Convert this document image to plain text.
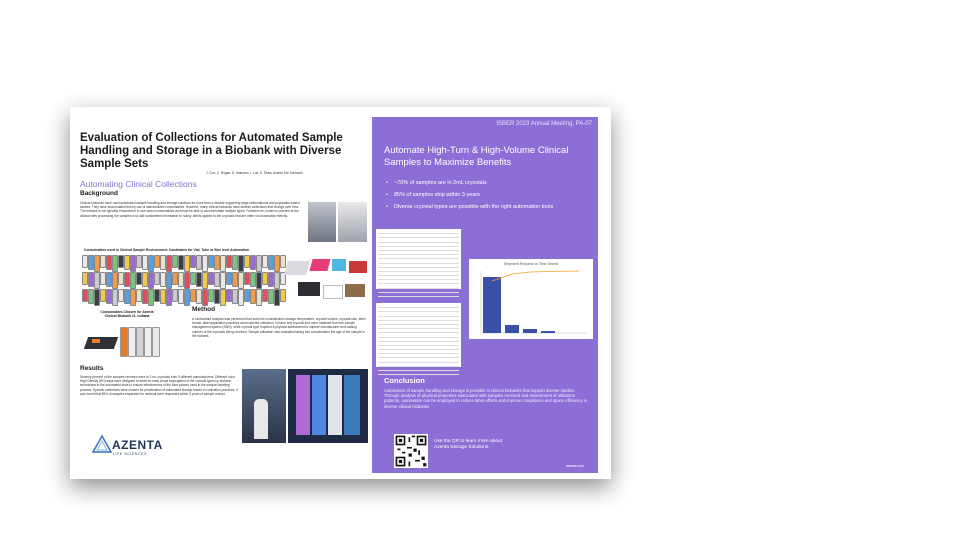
Evaluation of Collections for Automated Sample Handling and Storage in a Biobank with Diverse Sample Sets
J. Cox, C. Rogan, D. Mamano, I. Luo, K. Shea, Azenta Life Sciences
Automating Clinical Collections
Background
Clinical biobanks have used automated sample handling and storage solutions for more than a decade supporting large observational and population-based studies. They have accumulated this by use of standardized consumables. However, many clinical biobanks have diverse collections that change over time. The biobank is not typically empowered to use select consumables and must be able to accommodate multiple types. Furthermore, common practice at the clinical sites processing the samples is to add handwritten information to 'sticky' labels applied to the cryovials that are often not automation friendly.
Consumables used in Clinical Sample Environment: Candidates for Vial, Tube or Box level Automation
Consumables Chosen for Azenta Clinical Biobank #1, Indiana
Method
A multivariant analysis was performed that took into consideration storage temperature, cryovial volume, cryovial size, label format, label application practices and expected utilization. Volume and cryovial size were obtained from the sample management system (SMS), while cryovial type required a physical assessment to capture manufacturer and catalog number of the cryovials being received. Sample utilization was evaluated taking into consideration the age of the sample in the biobank.
Results
Seventy percent of the samples received were in 2 mL cryovials from 5 different manufacturers. Different color High Density (HD) trays were designed to allow for easy visual segregation of the cryovial types by biobank technicians in the automated store to ensure effectiveness of the tube pickers used in the sample handling process. Specific collections were chosen for prioritization of automated storage based on utilization practices. It was found that 85% of samples requested for retrieval were requested within 3 years of sample receipt.
AZENTA
LIFE SCIENCES
ISBER 2023 Annual Meeting, PA-07
Automate High-Turn & High-Volume Clinical Samples to Maximize Benefits
• ~70% of samples are in 2mL cryovials
• 85% of samples ship within 3 years
• Diverse cryovial types are possible with the right automation tools
Shipment Request vs Time Stored
Conclusion
Automation of sample handling and storage is possible in clinical biobanks that support diverse studies. Through analysis of physical properties associated with samples received and assessment of utilization patterns, automation can be employed to reduce labor efforts and improve compliance and space efficiency in diverse clinical biobanks.
Use the QR to learn more about Azenta Storage Solutions.
azenta.com
